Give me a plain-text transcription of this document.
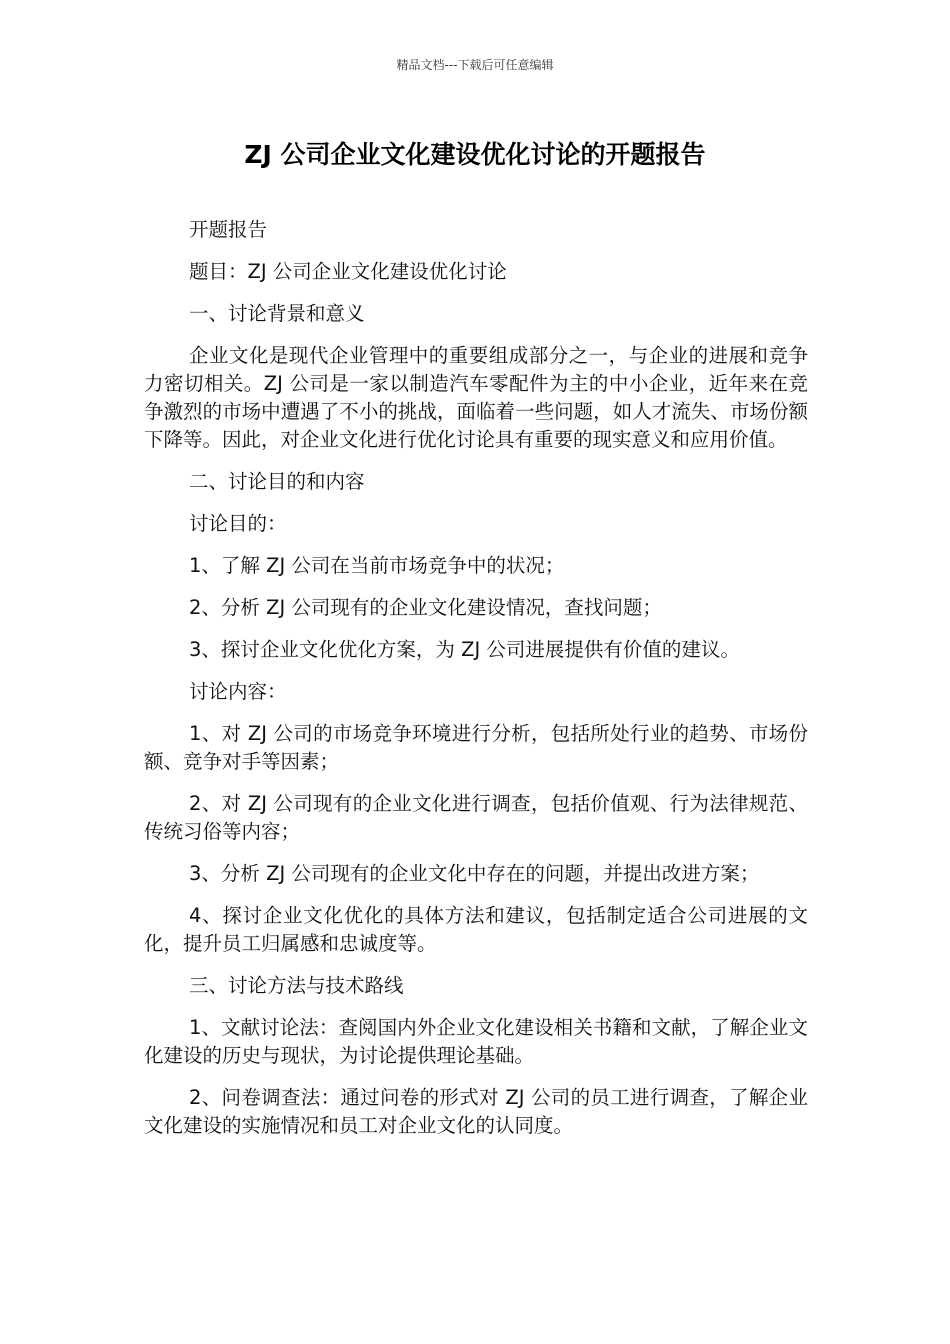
精品文档---下载后可任意编辑
ZJ 公司企业文化建设优化讨论的开题报告

开题报告

题目：ZJ 公司企业文化建设优化讨论

一、讨论背景和意义

企业文化是现代企业管理中的重要组成部分之一，与企业的进展和竞争力密切相关。ZJ 公司是一家以制造汽车零配件为主的中小企业，近年来在竞争激烈的市场中遭遇了不小的挑战，面临着一些问题，如人才流失、市场份额下降等。因此，对企业文化进行优化讨论具有重要的现实意义和应用价值。

二、讨论目的和内容

讨论目的：

1、了解 ZJ 公司在当前市场竞争中的状况；

2、分析 ZJ 公司现有的企业文化建设情况，查找问题；

3、探讨企业文化优化方案，为 ZJ 公司进展提供有价值的建议。

讨论内容：

1、对 ZJ 公司的市场竞争环境进行分析，包括所处行业的趋势、市场份额、竞争对手等因素；

2、对 ZJ 公司现有的企业文化进行调查，包括价值观、行为法律规范、传统习俗等内容；

3、分析 ZJ 公司现有的企业文化中存在的问题，并提出改进方案；

4、探讨企业文化优化的具体方法和建议，包括制定适合公司进展的文化，提升员工归属感和忠诚度等。

三、讨论方法与技术路线

1、文献讨论法：查阅国内外企业文化建设相关书籍和文献，了解企业文化建设的历史与现状，为讨论提供理论基础。

2、问卷调查法：通过问卷的形式对 ZJ 公司的员工进行调查，了解企业文化建设的实施情况和员工对企业文化的认同度。
